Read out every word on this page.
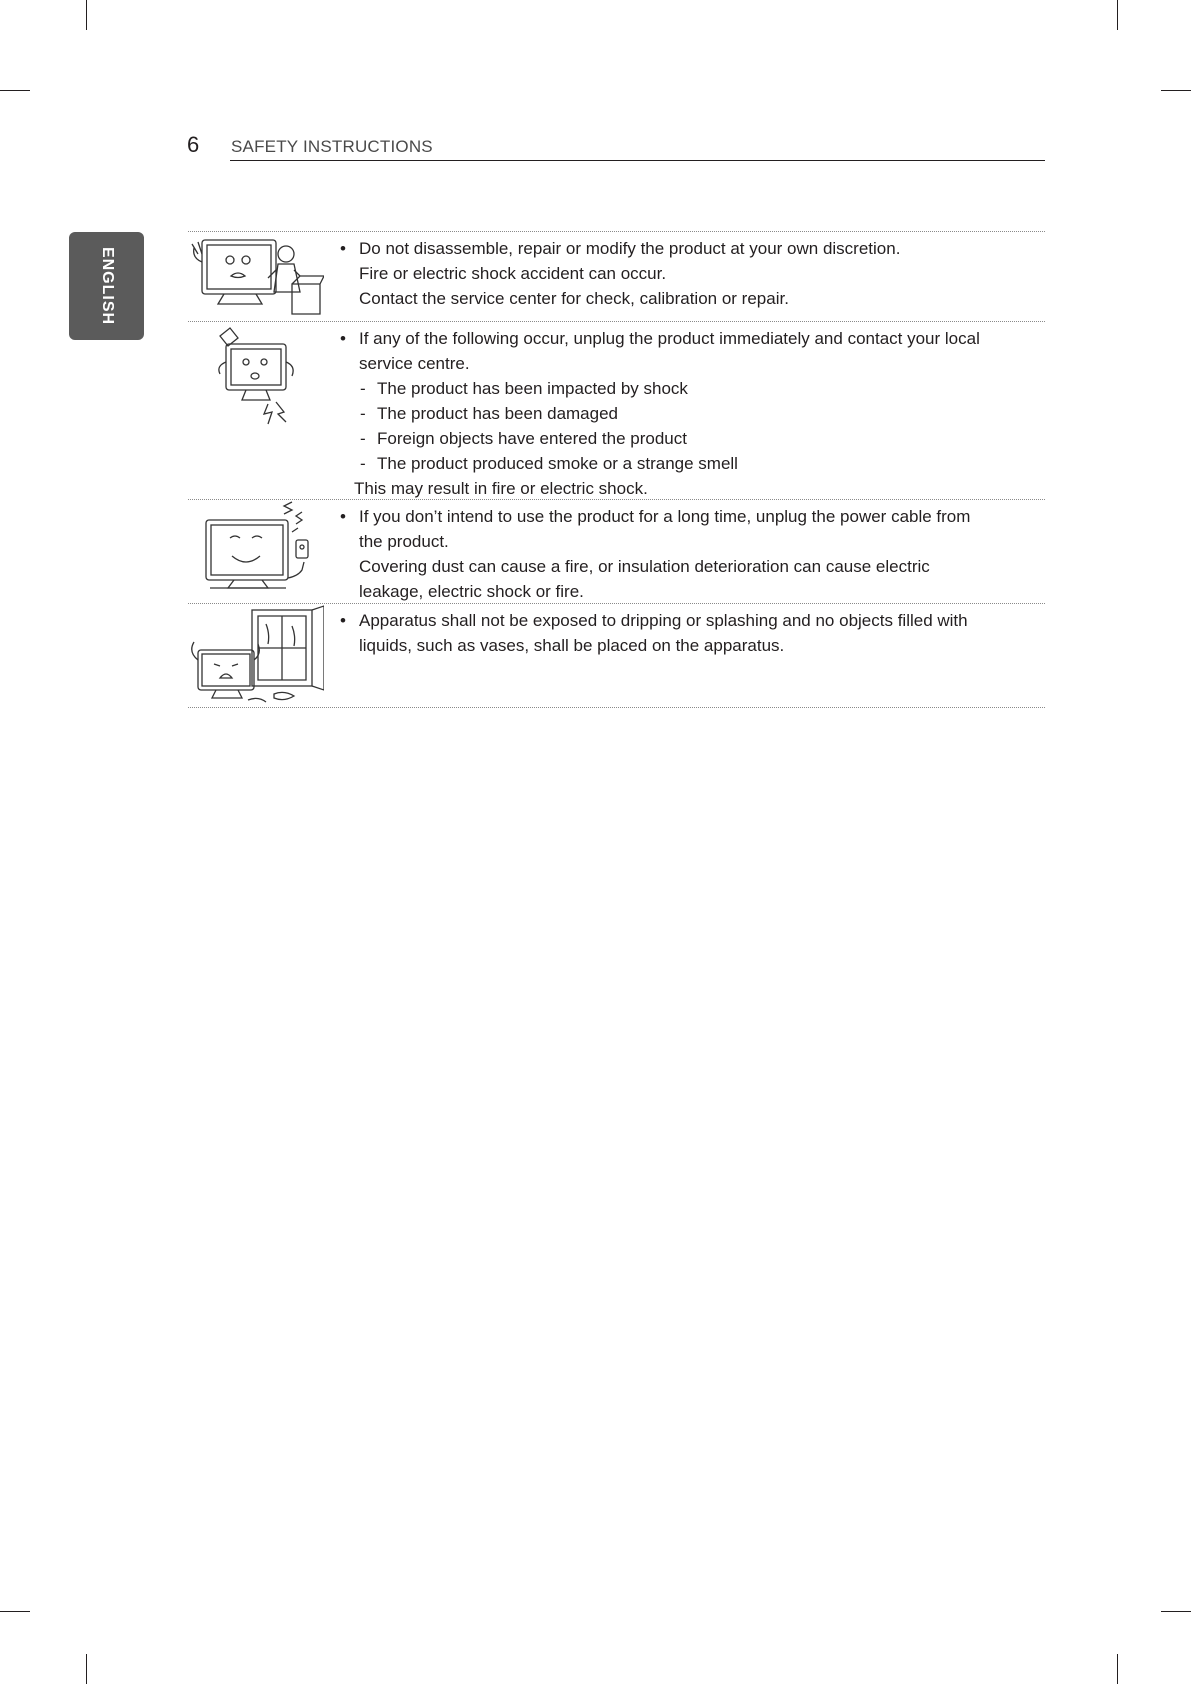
6 SAFETY INSTRUCTIONS
ENGLISH	• Do not disassemble, repair or modify the product at your own discretion.
Fire or electric shock accident can occur.
Contact the service center for check, calibration or repair.
• If any of the following occur, unplug the product immediately and contact your local
service centre.
- The product has been impacted by shock
- The product has been damaged
- Foreign objects have entered the product
- The product produced smoke or a strange smell
This may result in fire or electric shock.
• If you don’t intend to use the product for a long time, unplug the power cable from
the product.
Covering dust can cause a fire, or insulation deterioration can cause electric
leakage, electric shock or fire.
• Apparatus shall not be exposed to dripping or splashing and no objects filled with
liquids, such as vases, shall be placed on the apparatus.
